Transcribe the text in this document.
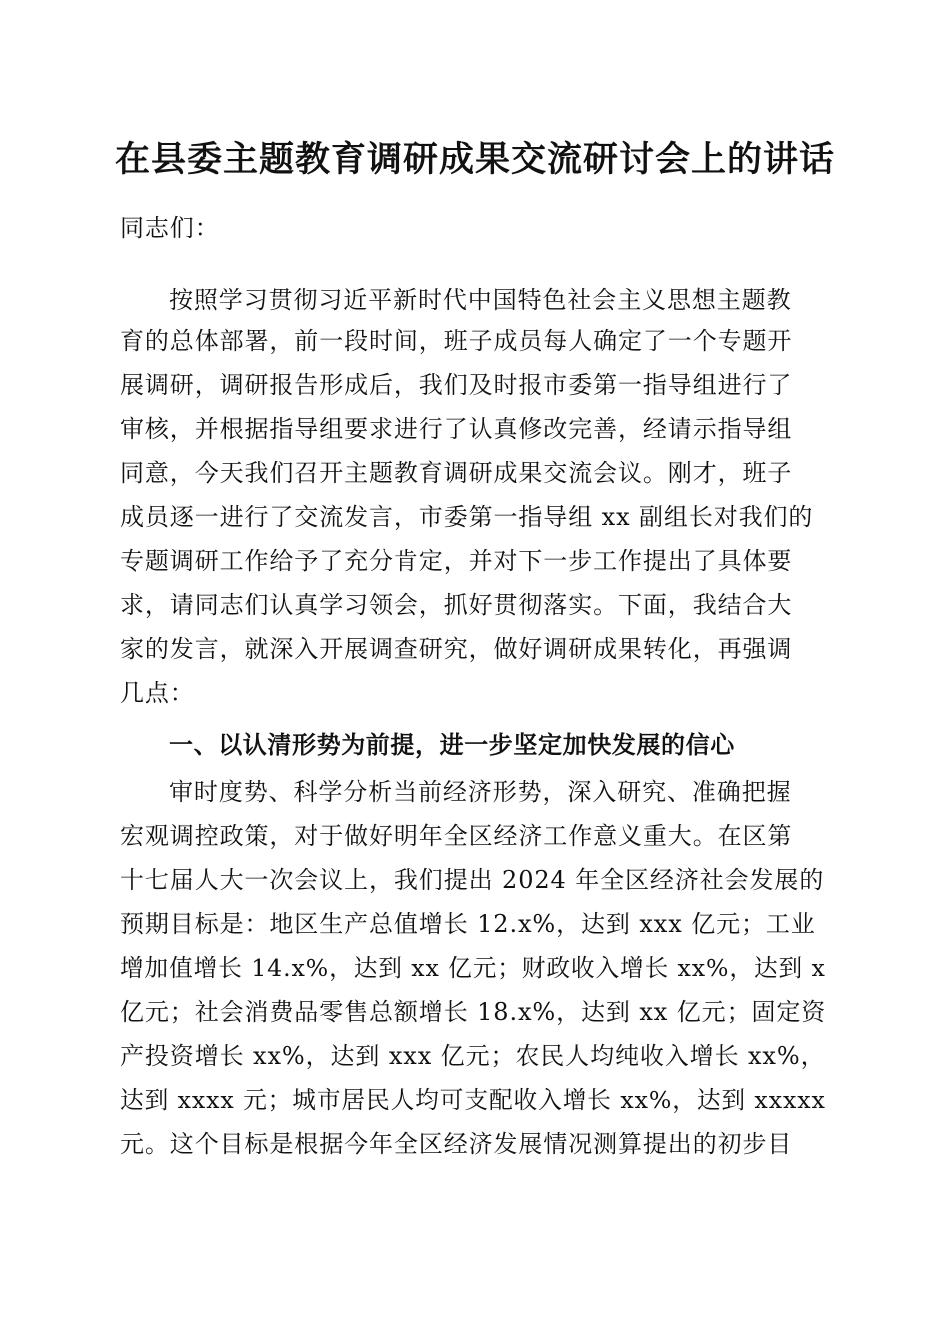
在县委主题教育调研成果交流研讨会上的讲话

同志们：

按照学习贯彻习近平新时代中国特色社会主义思想主题教

育的总体部署，前一段时间，班子成员每人确定了一个专题开

展调研，调研报告形成后，我们及时报市委第一指导组进行了

审核，并根据指导组要求进行了认真修改完善，经请示指导组

同意，今天我们召开主题教育调研成果交流会议。刚才，班子

成员逐一进行了交流发言，市委第一指导组 xx 副组长对我们的

专题调研工作给予了充分肯定，并对下一步工作提出了具体要

求，请同志们认真学习领会，抓好贯彻落实。下面，我结合大

家的发言，就深入开展调查研究，做好调研成果转化，再强调

几点：

一、以认清形势为前提，进一步坚定加快发展的信心

审时度势、科学分析当前经济形势，深入研究、准确把握

宏观调控政策，对于做好明年全区经济工作意义重大。在区第

十七届人大一次会议上，我们提出 2024 年全区经济社会发展的

预期目标是：地区生产总值增长 12.x%，达到 xxx 亿元；工业

增加值增长 14.x%，达到 xx 亿元；财政收入增长 xx%，达到 x

亿元；社会消费品零售总额增长 18.x%，达到 xx 亿元；固定资

产投资增长 xx%，达到 xxx 亿元；农民人均纯收入增长 xx%，

达到 xxxx 元；城市居民人均可支配收入增长 xx%，达到 xxxxx

元。这个目标是根据今年全区经济发展情况测算提出的初步目
